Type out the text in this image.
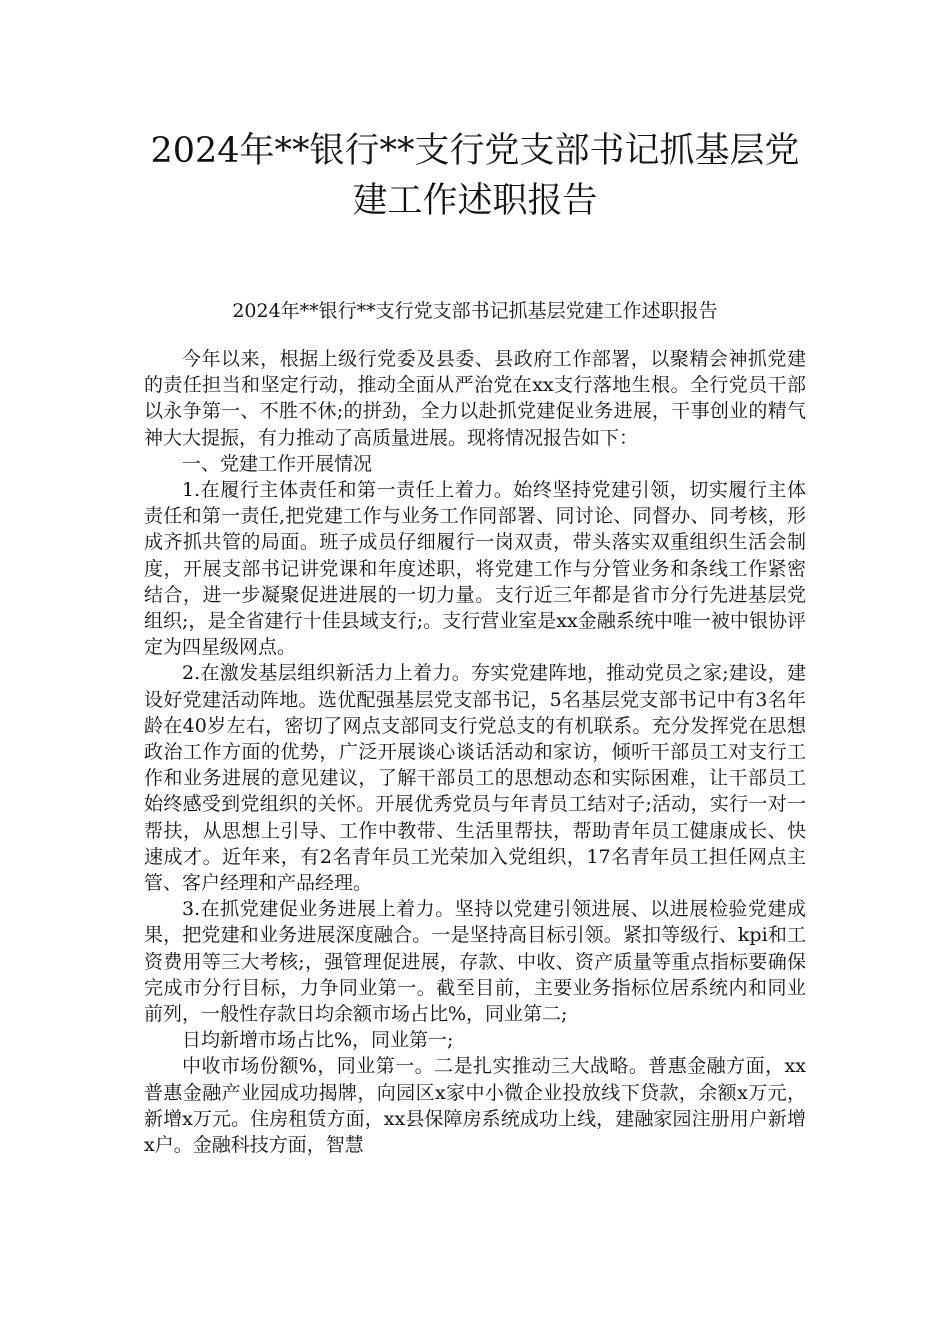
2024年**银行**支行党支部书记抓基层党
建工作述职报告

2024年**银行**支行党支部书记抓基层党建工作述职报告

今年以来，根据上级行党委及县委、县政府工作部署，以聚精会神抓党建的责任担当和坚定行动，推动全面从严治党在xx支行落地生根。全行党员干部以永争第一、不胜不休;的拼劲，全力以赴抓党建促业务进展，干事创业的精气神大大提振，有力推动了高质量进展。现将情况报告如下：

一、党建工作开展情况

1.在履行主体责任和第一责任上着力。始终坚持党建引领，切实履行主体责任和第一责任,把党建工作与业务工作同部署、同讨论、同督办、同考核，形成齐抓共管的局面。班子成员仔细履行一岗双责，带头落实双重组织生活会制度，开展支部书记讲党课和年度述职，将党建工作与分管业务和条线工作紧密结合，进一步凝聚促进进展的一切力量。支行近三年都是省市分行先进基层党组织;，是全省建行十佳县域支行;。支行营业室是xx金融系统中唯一被中银协评定为四星级网点。

2.在激发基层组织新活力上着力。夯实党建阵地，推动党员之家;建设，建设好党建活动阵地。选优配强基层党支部书记，5名基层党支部书记中有3名年龄在40岁左右，密切了网点支部同支行党总支的有机联系。充分发挥党在思想政治工作方面的优势，广泛开展谈心谈话活动和家访，倾听干部员工对支行工作和业务进展的意见建议，了解干部员工的思想动态和实际困难，让干部员工始终感受到党组织的关怀。开展优秀党员与年青员工结对子;活动，实行一对一帮扶，从思想上引导、工作中教带、生活里帮扶，帮助青年员工健康成长、快速成才。近年来，有2名青年员工光荣加入党组织，17名青年员工担任网点主管、客户经理和产品经理。

3.在抓党建促业务进展上着力。坚持以党建引领进展、以进展检验党建成果，把党建和业务进展深度融合。一是坚持高目标引领。紧扣等级行、kpi和工资费用等三大考核;，强管理促进展，存款、中收、资产质量等重点指标要确保完成市分行目标，力争同业第一。截至目前，主要业务指标位居系统内和同业前列，一般性存款日均余额市场占比%，同业第二;

日均新增市场占比%，同业第一;

中收市场份额%，同业第一。二是扎实推动三大战略。普惠金融方面，xx普惠金融产业园成功揭牌，向园区x家中小微企业投放线下贷款，余额x万元，新增x万元。住房租赁方面，xx县保障房系统成功上线，建融家园注册用户新增x户。金融科技方面，智慧
